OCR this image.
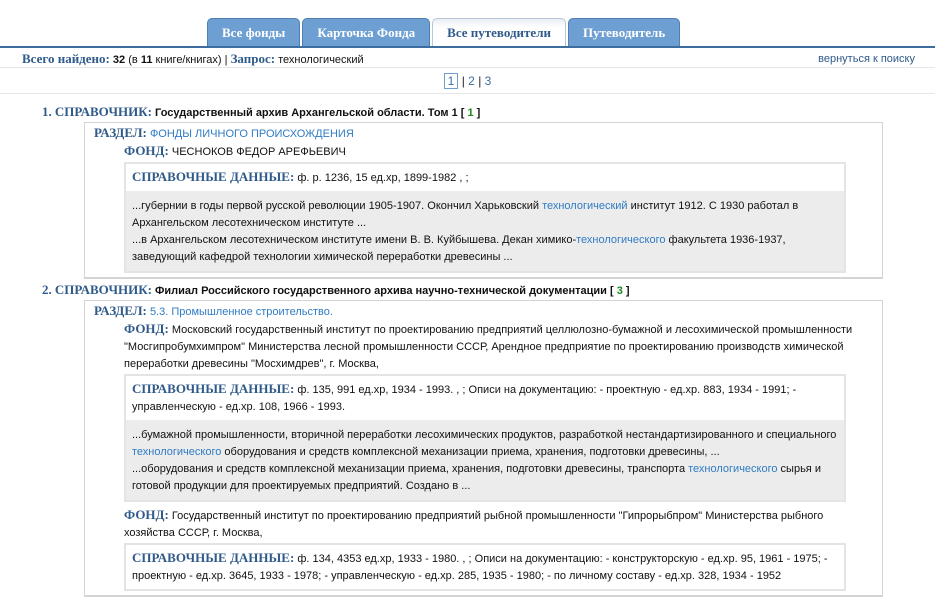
Все фонды	Карточка Фонда	Все путеводители	Путеводитель
Всего найдено: 32 (в 11 книге/книгах) | Запрос: технологический	вернуться к поиску
1 | 2 | 3
1. СПРАВОЧНИК: Государственный архив Архангельской области. Том 1 [ 1 ]
РАЗДЕЛ: ФОНДЫ ЛИЧНОГО ПРОИСХОЖДЕНИЯ
ФОНД: ЧЕСНОКОВ ФЕДОР АРЕФЬЕВИЧ
СПРАВОЧНЫЕ ДАННЫЕ: ф. р. 1236, 15 ед.хр, 1899-1982 , ;
...губернии в годы первой русской революции 1905-1907. Окончил Харьковский технологический институт 1912. С 1930 работал в Архангельском лесотехническом институте ...
...в Архангельском лесотехническом институте имени В. В. Куйбышева. Декан химико-технологического факультета 1936-1937, заведующий кафедрой технологии химической переработки древесины ...
2. СПРАВОЧНИК: Филиал Российского государственного архива научно-технической документации [ 3 ]
РАЗДЕЛ: 5.3. Промышленное строительство.
ФОНД: Московский государственный институт по проектированию предприятий целлюлозно-бумажной и лесохимической промышленности "Мосгипробумхимпром" Министерства лесной промышленности СССР, Арендное предприятие по проектированию производств химической переработки древесины "Мосхимдрев", г. Москва,
СПРАВОЧНЫЕ ДАННЫЕ: ф. 135, 991 ед.хр, 1934 - 1993. , ; Описи на документацию: - проектную - ед.хр. 883, 1934 - 1991; - управленческую - ед.хр. 108, 1966 - 1993.
...бумажной промышленности, вторичной переработки лесохимических продуктов, разработкой нестандартизированного и специального технологического оборудования и средств комплексной механизации приема, хранения, подготовки древесины, ...
...оборудования и средств комплексной механизации приема, хранения, подготовки древесины, транспорта технологического сырья и готовой продукции для проектируемых предприятий. Создано в ...
ФОНД: Государственный институт по проектированию предприятий рыбной промышленности "Гипрорыбпром" Министерства рыбного хозяйства СССР, г. Москва,
СПРАВОЧНЫЕ ДАННЫЕ: ф. 134, 4353 ед.хр, 1933 - 1980. , ; Описи на документацию: - конструкторскую - ед.хр. 95, 1961 - 1975; - проектную - ед.хр. 3645, 1933 - 1978; - управленческую - ед.хр. 285, 1935 - 1980; - по личному составу - ед.хр. 328, 1934 - 1952
